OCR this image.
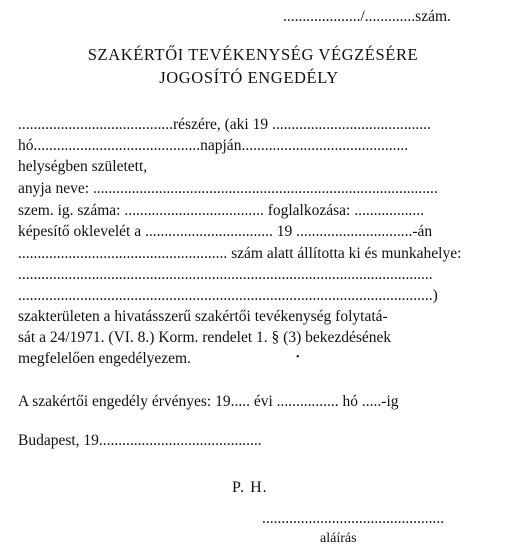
..................../.............szám.
SZAKÉRTŐI TEVÉKENYSÉG VÉGZÉSÉRE
JOGOSÍTÓ ENGEDÉLY
........................................részére, (aki 19 .........................................
hó...........................................napján...........................................
helységben született,
anyja neve: .........................................................................................
szem. ig. száma: .................................... foglalkozása: ..................
képesítő oklevelét a ................................. 19 ..............................-án
...................................................... szám alatt állította ki és munkahelye:
...........................................................................................................
...........................................................................................................)
szakterületen a hivatásszerű szakértői tevékenység folytatá-
sát a 24/1971. (VI. 8.) Korm. rendelet 1. § (3) bekezdésének
megfelelően engedélyezem.	•
A szakértői engedély érvényes: 19..... évi ................ hó .....-ig
Budapest, 19..........................................
P. H.
...............................................
aláírás
